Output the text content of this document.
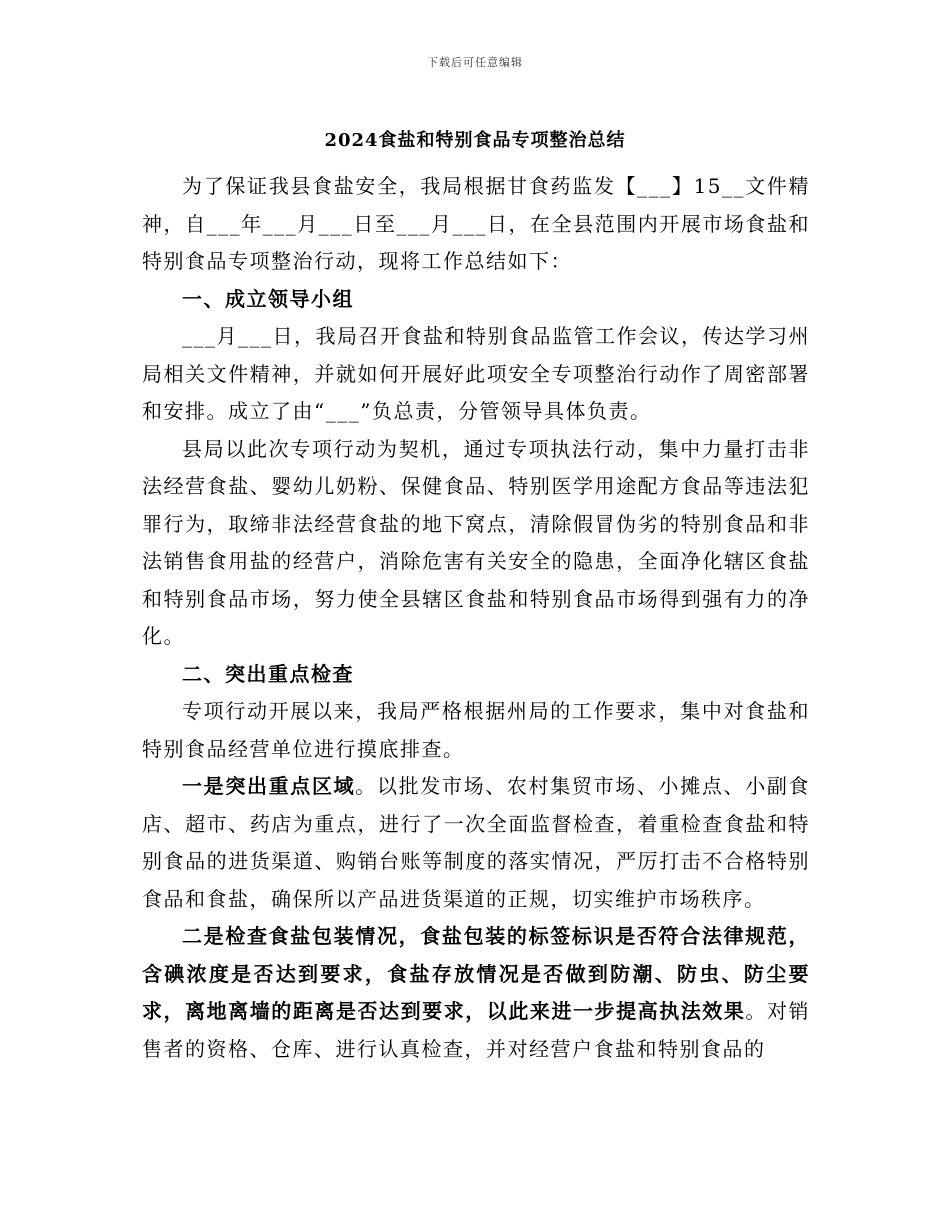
下载后可任意编辑
2024食盐和特别食品专项整治总结

为了保证我县食盐安全，我局根据甘食药监发【___】15__文件精神，自___年___月___日至___月___日，在全县范围内开展市场食盐和特别食品专项整治行动，现将工作总结如下：

一、成立领导小组

___月___日，我局召开食盐和特别食品监管工作会议，传达学习州局相关文件精神，并就如何开展好此项安全专项整治行动作了周密部署和安排。成立了由“___”负总责，分管领导具体负责。

县局以此次专项行动为契机，通过专项执法行动，集中力量打击非法经营食盐、婴幼儿奶粉、保健食品、特别医学用途配方食品等违法犯罪行为，取缔非法经营食盐的地下窝点，清除假冒伪劣的特别食品和非法销售食用盐的经营户，消除危害有关安全的隐患，全面净化辖区食盐和特别食品市场，努力使全县辖区食盐和特别食品市场得到强有力的净化。

二、突出重点检查

专项行动开展以来，我局严格根据州局的工作要求，集中对食盐和特别食品经营单位进行摸底排查。

一是突出重点区域。以批发市场、农村集贸市场、小摊点、小副食店、超市、药店为重点，进行了一次全面监督检查，着重检查食盐和特别食品的进货渠道、购销台账等制度的落实情况，严厉打击不合格特别食品和食盐，确保所以产品进货渠道的正规，切实维护市场秩序。

二是检查食盐包装情况，食盐包装的标签标识是否符合法律规范，含碘浓度是否达到要求，食盐存放情况是否做到防潮、防虫、防尘要求，离地离墙的距离是否达到要求，以此来进一步提高执法效果。对销售者的资格、仓库、进行认真检查，并对经营户食盐和特别食品的
